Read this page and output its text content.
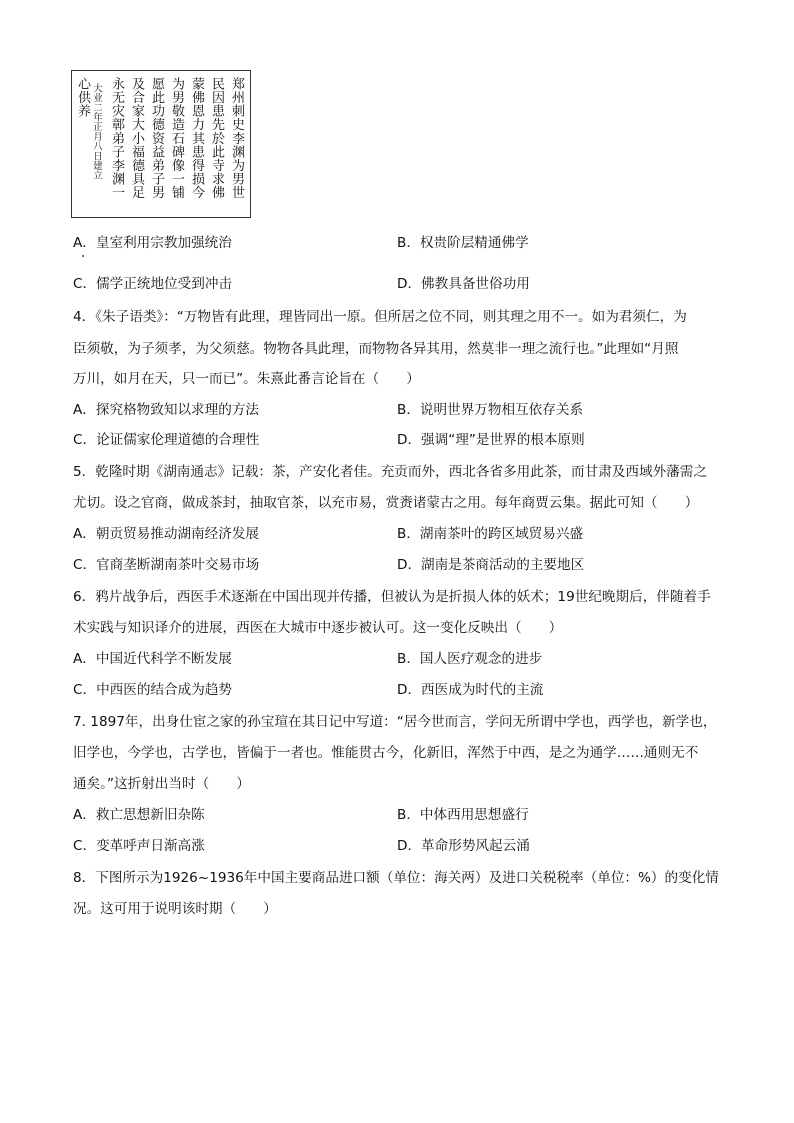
郑州刺史李渊为男世
民因患先於此寺求佛
蒙佛恩力其患得损今
为男敬造石碑像一铺
愿此功德资益弟子男
及合家大小福德具足
永无灾鄣弟子李渊一
大业二年正月八日建立
心供养
A．皇室利用宗教加强统治	B．权贵阶层精通佛学
C．儒学正统地位受到冲击	D．佛教具备世俗功用
4．《朱子语类》：“万物皆有此理，理皆同出一原。但所居之位不同，则其理之用不一。如为君须仁，为
臣须敬，为子须孝，为父须慈。物物各具此理，而物物各异其用，然莫非一理之流行也。”此理如“月照
万川，如月在天，只一而已”。朱熹此番言论旨在（　　）
A．探究格物致知以求理的方法	B．说明世界万物相互依存关系
C．论证儒家伦理道德的合理性	D．强调“理”是世界的根本原则
5．乾隆时期《湖南通志》记载：茶，产安化者佳。充贡而外，西北各省多用此茶，而甘肃及西域外藩需之
尤切。设之官商，做成茶封，抽取官茶，以充市易，赏赉诸蒙古之用。每年商贾云集。据此可知（　　）
A．朝贡贸易推动湖南经济发展	B．湖南茶叶的跨区域贸易兴盛
C．官商垄断湖南茶叶交易市场	D．湖南是茶商活动的主要地区
6．鸦片战争后，西医手术逐渐在中国出现并传播，但被认为是折损人体的妖术；19世纪晚期后，伴随着手
术实践与知识译介的进展，西医在大城市中逐步被认可。这一变化反映出（　　）
A．中国近代科学不断发展	B．国人医疗观念的进步
C．中西医的结合成为趋势	D．西医成为时代的主流
7. 1897年，出身仕宦之家的孙宝瑄在其日记中写道：“居今世而言，学问无所谓中学也，西学也，新学也，
旧学也，今学也，古学也，皆偏于一者也。惟能贯古今，化新旧，浑然于中西，是之为通学……通则无不
通矣。”这折射出当时（　　）
A．救亡思想新旧杂陈	B．中体西用思想盛行
C．变革呼声日渐高涨	D．革命形势风起云涌
8．下图所示为1926~1936年中国主要商品进口额（单位：海关两）及进口关税税率（单位：%）的变化情
况。这可用于说明该时期（　　）
